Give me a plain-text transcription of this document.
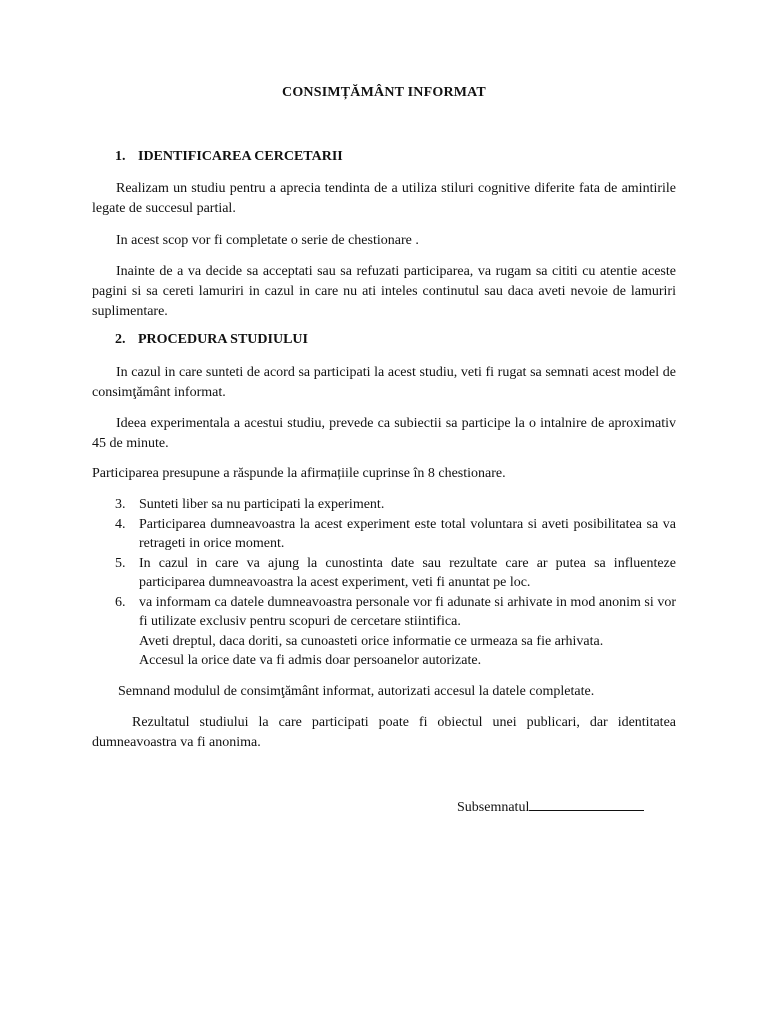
CONSIMȚĂMÂNT INFORMAT
1. IDENTIFICAREA CERCETARII
Realizam un studiu pentru a aprecia tendinta de a utiliza stiluri cognitive diferite fata de amintirile legate de succesul partial.
In acest scop vor fi completate o serie de chestionare .
Inainte de a va decide sa acceptati sau sa refuzati participarea, va rugam sa cititi cu atentie aceste pagini si sa cereti lamuriri in cazul in care nu ati inteles continutul sau daca aveti nevoie de lamuriri suplimentare.
2. PROCEDURA STUDIULUI
In cazul in care sunteti de acord sa participati la acest studiu, veti fi rugat sa semnati acest model de consimţământ informat.
Ideea experimentala a acestui studiu, prevede ca subiectii sa participe la o intalnire de aproximativ 45 de minute.
Participarea presupune a răspunde la afirmațiile cuprinse în 8 chestionare.
3. Sunteti liber sa nu participati la experiment.
4. Participarea dumneavoastra la acest experiment este total voluntara si aveti posibilitatea sa va retrageti in orice moment.
5. In cazul in care va ajung la cunostinta date sau rezultate care ar putea sa influenteze participarea dumneavoastra la acest experiment, veti fi anuntat pe loc.
6. va informam ca datele dumneavoastra personale vor fi adunate si arhivate in mod anonim si vor fi utilizate exclusiv pentru scopuri de cercetare stiintifica.
Aveti dreptul, daca doriti, sa cunoasteti orice informatie ce urmeaza sa fie arhivata.
Accesul la orice date va fi admis doar persoanelor autorizate.
Semnand modulul de consimţământ informat, autorizati accesul la datele completate.
Rezultatul studiului la care participati poate fi obiectul unei publicari, dar identitatea dumneavoastra va fi anonima.
Subsemnatul
